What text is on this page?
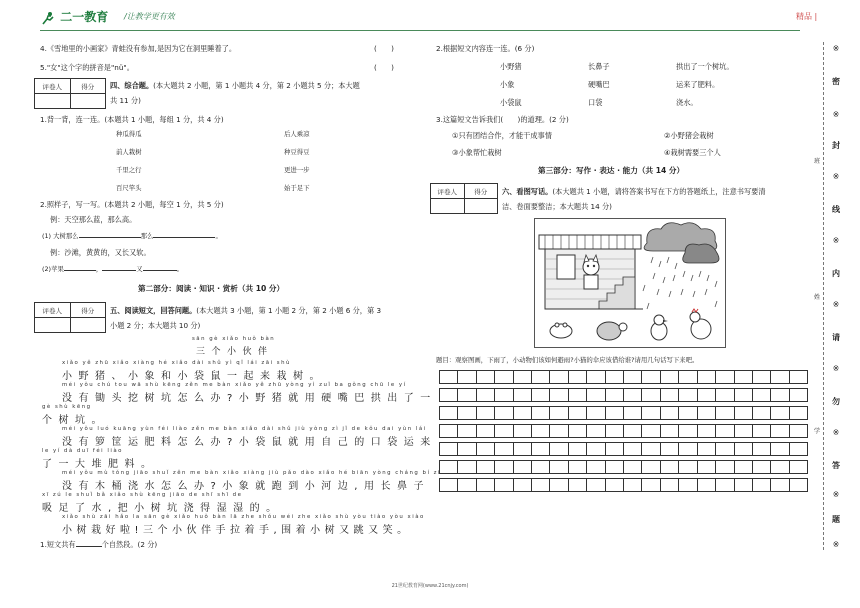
二一教育 /让教学更有效	精品 |
4.《雪地里的小画家》青蛙没有参加,是因为它在洞里睡着了。	(　　)
5."女"这个字的拼音是"nü"。	(　　)
评卷人	得分	四、综合题。(本大题共 2 小题，第 1 小题共 4 分，第 2 小题共 5 分；本大题
共 11 分)
1.背一背，连一连。(本题共 1 小题，每组 1 分，共 4 分)
种瓜得瓜
前人栽树
千里之行
百尺竿头
后人乘凉
种豆得豆
更进一步
始于足下
2.照样子，写一写。(本题共 2 小题，每空 1 分，共 5 分)
例：天空那么蓝，那么高。
(1) 大树那么	那么	。
例：沙滩，黄黄的，又长又软。
(2)苹果	，	又	。
第二部分：阅读 · 知识 · 赏析（共 10 分）
评卷人	得分	五、阅读短文，回答问题。(本大题共 3 小题，第 1 小题 2 分，第 2 小题 6 分，第 3
小题 2 分；本大题共 10 分)
sān gè xiǎo huǒ bàn
三个小伙伴
xiǎo yě zhū xiǎo xiàng hé xiǎo dài shǔ yì qǐ lái zāi shù
小野猪、小象和小袋鼠一起来栽树。
méi yǒu chú tou wā shù kēng zěn me bàn xiǎo yě zhū yòng yì zuǐ ba gǒng chū le yí
没有锄头挖树坑怎么办?小野猪就用硬嘴巴拱出了一
gè shù kēng
个树坑。
méi yǒu luó kuāng yùn féi liào zěn me bàn xiǎo dài shǔ jiù yòng zì jǐ de kǒu dai yùn lái
没有箩筐运肥料怎么办?小袋鼠就用自己的口袋运来
le yí dà duī féi liào
了一大堆肥料。
méi yǒu mù tǒng jiāo shuǐ zěn me bàn xiǎo xiàng jiù pǎo dào xiǎo hé biān yòng cháng bí zi
没有木桶浇水怎么办?小象就跑到小河边,用长鼻子
xī zú le shuǐ bǎ xiǎo shù kēng jiāo de shī shī de
吸足了水,把小树坑浇得湿湿的。
xiǎo shù zāi hǎo la sān gè xiǎo huǒ bàn lā zhe shǒu wéi zhe xiǎo shù yòu tiào yòu xiào
小树栽好啦!三个小伙伴手拉着手,围着小树又跳又笑。
1.短文共有	个自然段。(2 分)
2.根据短文内容连一连。(6 分)
小野猪
小象
小袋鼠
长鼻子
硬嘴巴
口袋
拱出了一个树坑。
运来了肥料。
浇水。
3.这篇短文告诉我们(　　)的道理。(2 分)
①只有团结合作，才能干成事情	②小野猪会栽树
③小象帮忙栽树	④栽树需要三个人
第三部分：写作 · 表达 · 能力（共 14 分）
评卷人	得分	六、看图写话。(本大题共 1 小题，请将答案书写在下方的答题纸上，注意书写要清
洁、卷面要整洁；本大题共 14 分)
题目：观察图画，下雨了，小动物们该如何避雨?小猫的伞应该借给谁?请用几句话写下来吧。
※
密
※
封
※
线
※
内
※
请
※
勿
※
答
※
题
※
班
姓
学
21世纪教育网(www.21cnjy.com)
